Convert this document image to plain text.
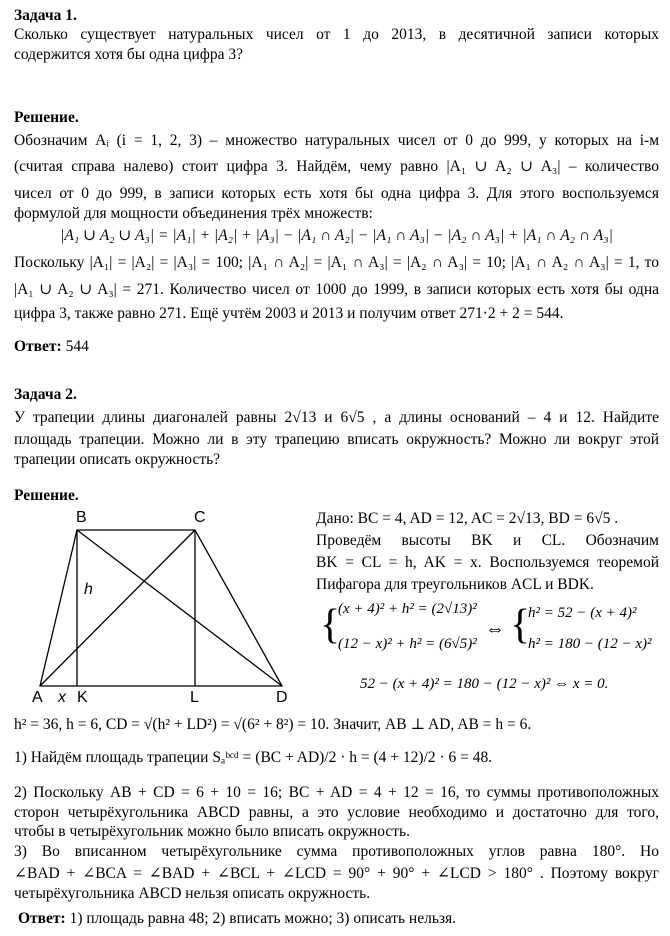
Задача 1.
Сколько существует натуральных чисел от 1 до 2013, в десятичной записи которых
содержится хотя бы одна цифра 3?
Решение.
Обозначим Aᵢ (i = 1, 2, 3) – множество натуральных чисел от 0 до 999, у которых на i-м
(считая справа налево) стоит цифра 3. Найдём, чему равно |A₁ ∪ A₂ ∪ A₃| – количество
чисел от 0 до 999, в записи которых есть хотя бы одна цифра 3. Для этого воспользуемся
формулой для мощности объединения трёх множеств:
|A₁ ∪ A₂ ∪ A₃| = |A₁| + |A₂| + |A₃| − |A₁ ∩ A₂| − |A₁ ∩ A₃| − |A₂ ∩ A₃| + |A₁ ∩ A₂ ∩ A₃|
Поскольку |A₁| = |A₂| = |A₃| = 100; |A₁ ∩ A₂| = |A₁ ∩ A₃| = |A₂ ∩ A₃| = 10; |A₁ ∩ A₂ ∩ A₃| = 1, то
|A₁ ∪ A₂ ∪ A₃| = 271. Количество чисел от 1000 до 1999, в записи которых есть хотя бы одна
цифра 3, также равно 271. Ещё учтём 2003 и 2013 и получим ответ 271·2 + 2 = 544.
Ответ: 544
Задача 2.
У трапеции длины диагоналей равны 2√13 и 6√5 , а длины оснований – 4 и 12. Найдите
площадь трапеции. Можно ли в эту трапецию вписать окружность? Можно ли вокруг этой
трапеции описать окружность?
Решение.
B	C
A x K	L	D
h
Дано: BC = 4, AD = 12, AC = 2√13, BD = 6√5 .
Проведём высоты BK и CL. Обозначим
BK = CL = h, AK = x. Воспользуемся теоремой
Пифагора для треугольников ACL и BDK.
{
(x + 4)² + h² = (2√13)²
(12 − x)² + h² = (6√5)²
⇔ {
h² = 52 − (x + 4)²
h² = 180 − (12 − x)²
52 − (x + 4)² = 180 − (12 − x)² ⇔ x = 0.
h² = 36, h = 6, CD = √(h² + LD²) = √(6² + 8²) = 10. Значит, AB ⊥ AD, AB = h = 6.
1) Найдём площадь трапеции Sₐᵇᶜᵈ = (BC + AD)/2 · h = (4 + 12)/2 · 6 = 48.
2) Поскольку AB + CD = 6 + 10 = 16; BC + AD = 4 + 12 = 16, то суммы противоположных
сторон четырёхугольника ABCD равны, а это условие необходимо и достаточно для того,
чтобы в четырёхугольник можно было вписать окружность.
3) Во вписанном четырёхугольнике сумма противоположных углов равна 180°. Но
∠BAD + ∠BCA = ∠BAD + ∠BCL + ∠LCD = 90° + 90° + ∠LCD > 180° . Поэтому вокруг
четырёхугольника ABCD нельзя описать окружность.
Ответ: 1) площадь равна 48; 2) вписать можно; 3) описать нельзя.
